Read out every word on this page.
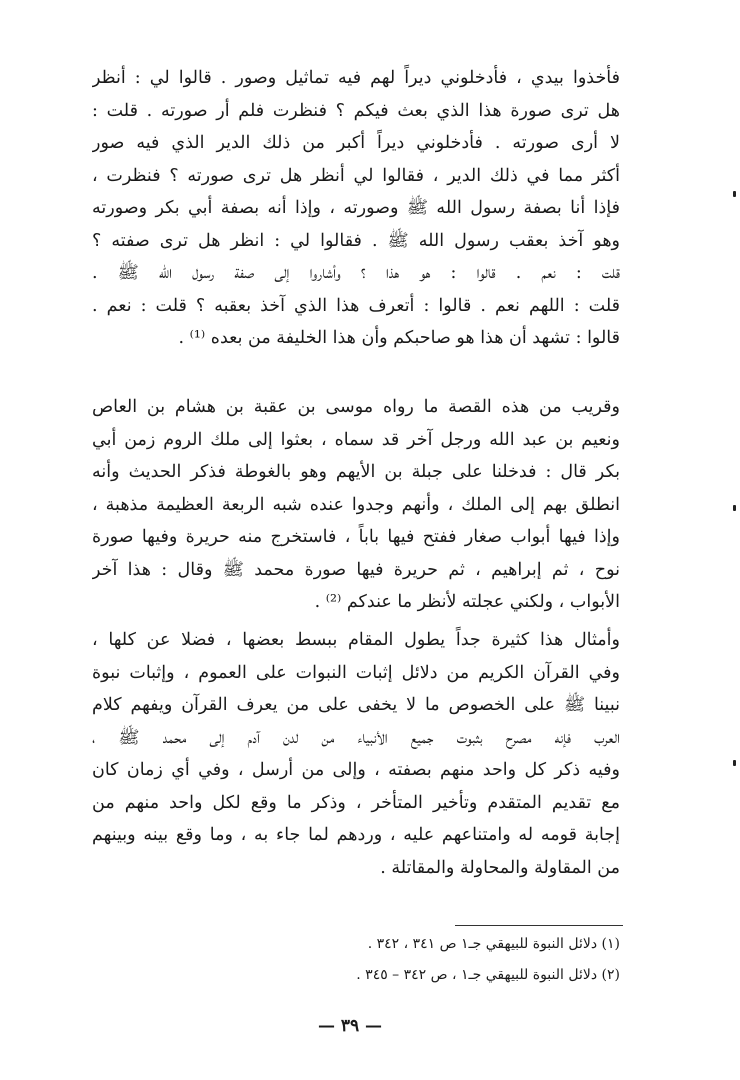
فأخذوا بيدي ، فأدخلوني ديراً لهم فيه تماثيل وصور . قالوا لي : أنظر
هل ترى صورة هذا الذي بعث فيكم ؟ فنظرت فلم أر صورته . قلت :
لا أرى صورته . فأدخلوني ديراً أكبر من ذلك الدير الذي فيه صور
أكثر مما في ذلك الدير ، فقالوا لي أنظر هل ترى صورته ؟ فنظرت ،
فإذا أنا بصفة رسول الله ﷺ وصورته ، وإذا أنه بصفة أبي بكر وصورته
وهو آخذ بعقب رسول الله ﷺ . فقالوا لي : انظر هل ترى صفته ؟
قلت : نعم . قالوا : هو هذا ؟ وأشاروا إلى صفة رسول الله ﷺ .
قلت : اللهم نعم . قالوا : أتعرف هذا الذي آخذ بعقبه ؟ قلت : نعم .
قالوا : تشهد أن هذا هو صاحبكم وأن هذا الخليفة من بعده ⁽¹⁾ .
وقريب من هذه القصة ما رواه موسى بن عقبة بن هشام بن العاص
ونعيم بن عبد الله ورجل آخر قد سماه ، بعثوا إلى ملك الروم زمن أبي
بكر قال : فدخلنا على جبلة بن الأيهم وهو بالغوطة فذكر الحديث وأنه
انطلق بهم إلى الملك ، وأنهم وجدوا عنده شبه الربعة العظيمة مذهبة ،
وإذا فيها أبواب صغار ففتح فيها باباً ، فاستخرج منه حريرة وفيها صورة
نوح ، ثم إبراهيم ، ثم حريرة فيها صورة محمد ﷺ وقال : هذا آخر
الأبواب ، ولكني عجلته لأنظر ما عندكم ⁽²⁾ .
وأمثال هذا كثيرة جداً يطول المقام ببسط بعضها ، فضلا عن كلها ،
وفي القرآن الكريم من دلائل إثبات النبوات على العموم ، وإثبات نبوة
نبينا ﷺ على الخصوص ما لا يخفى على من يعرف القرآن ويفهم كلام
العرب فإنه مصرح بثبوت جميع الأنبياء من لدن آدم إلى محمد ﷺ ،
وفيه ذكر كل واحد منهم بصفته ، وإلى من أرسل ، وفي أي زمان كان
مع تقديم المتقدم وتأخير المتأخر ، وذكر ما وقع لكل واحد منهم من
إجابة قومه له وامتناعهم عليه ، وردهم لما جاء به ، وما وقع بينه وبينهم
من المقاولة والمحاولة والمقاتلة .
(١) دلائل النبوة للبيهقي جـ١ ص ٣٤١ ، ٣٤٢ .
(٢) دلائل النبوة للبيهقي جـ١ ، ص ٣٤٢ – ٣٤٥ .
— ٣٩ —
